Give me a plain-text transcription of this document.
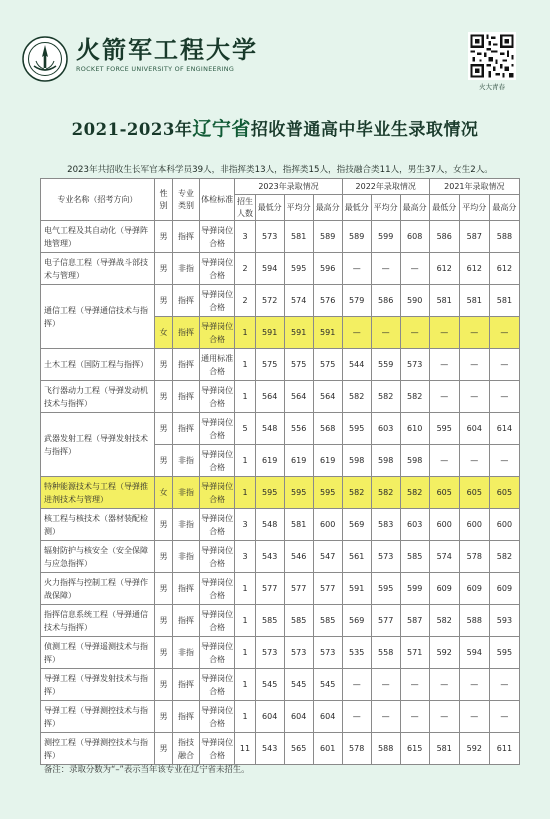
火箭军工程大学
ROCKET FORCE UNIVERSITY OF ENGINEERING
火大青春
2021-2023年辽宁省招收普通高中毕业生录取情况
2023年共招收生长军官本科学员39人，非指挥类13人，指挥类15人，指技融合类11人，男生37人，女生2人。
专业名称（招考方向）	性别	专业类别	体检标准	2023年录取情况				2022年录取情况			2021年录取情况		
				招生人数	最低分	平均分	最高分	最低分	平均分	最高分	最低分	平均分	最高分
电气工程及其自动化（导弹阵地管理）	男	指挥	导弹岗位合格	3	573	581	589	589	599	608	586	587	588
电子信息工程（导弹战斗部技术与管理）	男	非指	导弹岗位合格	2	594	595	596	—	—	—	612	612	612
通信工程（导弹通信技术与指挥）	男	指挥	导弹岗位合格	2	572	574	576	579	586	590	581	581	581
	女	指挥	导弹岗位合格	1	591	591	591	—	—	—	—	—	—
土木工程（国防工程与指挥）	男	指挥	通用标准合格	1	575	575	575	544	559	573	—	—	—
飞行器动力工程（导弹发动机技术与指挥）	男	指挥	导弹岗位合格	1	564	564	564	582	582	582	—	—	—
武器发射工程（导弹发射技术与指挥）	男	指挥	导弹岗位合格	5	548	556	568	595	603	610	595	604	614
	男	非指	导弹岗位合格	1	619	619	619	598	598	598	—	—	—
特种能源技术与工程（导弹推进剂技术与管理）	女	非指	导弹岗位合格	1	595	595	595	582	582	582	605	605	605
核工程与核技术（器材装配检测）	男	非指	导弹岗位合格	3	548	581	600	569	583	603	600	600	600
辐射防护与核安全（安全保障与应急指挥）	男	非指	导弹岗位合格	3	543	546	547	561	573	585	574	578	582
火力指挥与控制工程（导弹作战保障）	男	指挥	导弹岗位合格	1	577	577	577	591	595	599	609	609	609
指挥信息系统工程（导弹通信技术与指挥）	男	指挥	导弹岗位合格	1	585	585	585	569	577	587	582	588	593
侦测工程（导弹遥测技术与指挥）	男	非指	导弹岗位合格	1	573	573	573	535	558	571	592	594	595
导弹工程（导弹发射技术与指挥）	男	指挥	导弹岗位合格	1	545	545	545	—	—	—	—	—	—
导弹工程（导弹测控技术与指挥）	男	指挥	导弹岗位合格	1	604	604	604	—	—	—	—	—	—
测控工程（导弹测控技术与指挥）	男	指技融合	导弹岗位合格	11	543	565	601	578	588	615	581	592	611
备注：录取分数为“–”表示当年该专业在辽宁省未招生。
